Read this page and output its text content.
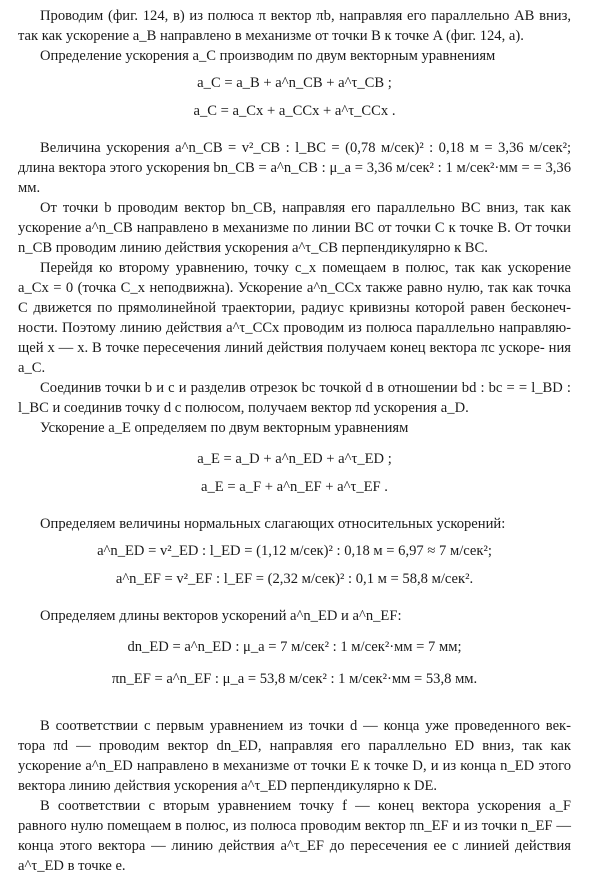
Проводим (фиг. 124, в) из полюса π вектор πb, направляя его параллельно AB вниз, так как ускорение a_B направлено в механизме от точки B к точке A (фиг. 124, а).

Определение ускорения a_C производим по двум векторным уравнениям

a_C = a_B + a^n_CB + a^τ_CB ;

a_C = a_Cx + a_CCx + a^τ_CCx .

Величина ускорения a^n_CB = v²_CB : l_BC = (0,78 м/сек)² : 0,18 м = 3,36 м/сек²; длина вектора этого ускорения bn_CB = a^n_CB : μ_a = 3,36 м/сек² : 1 м/сек²·мм = = 3,36 мм.

От точки b проводим вектор bn_CB, направляя его параллельно BC вниз, так как ускорение a^n_CB направлено в механизме по линии BC от точки C к точке B. От точки n_CB проводим линию действия ускорения a^τ_CB перпендикулярно к BC.

Перейдя ко второму уравнению, точку c_x помещаем в полюс, так как ускорение a_Cx = 0 (точка C_x неподвижна). Ускорение a^n_CCx также равно нулю, так как точка C движется по прямолинейной траектории, радиус кривизны которой равен бесконеч- ности. Поэтому линию действия a^τ_CCx проводим из полюса параллельно направляю- щей x — x. В точке пересечения линий действия получаем конец вектора πc ускоре- ния a_C.

Соединив точки b и c и разделив отрезок bc точкой d в отношении bd : bc = = l_BD : l_BC и соединив точку d с полюсом, получаем вектор πd ускорения a_D.

Ускорение a_E определяем по двум векторным уравнениям

a_E = a_D + a^n_ED + a^τ_ED ;

a_E = a_F + a^n_EF + a^τ_EF .

Определяем величины нормальных слагающих относительных ускорений:

a^n_ED = v²_ED : l_ED = (1,12 м/сек)² : 0,18 м = 6,97 ≈ 7 м/сек²;

a^n_EF = v²_EF : l_EF = (2,32 м/сек)² : 0,1 м = 58,8 м/сек².

Определяем длины векторов ускорений a^n_ED и a^n_EF:

dn_ED = a^n_ED : μ_a = 7 м/сек² : 1 м/сек²·мм = 7 мм;

πn_EF = a^n_EF : μ_a = 53,8 м/сек² : 1 м/сек²·мм = 53,8 мм.

В соответствии с первым уравнением из точки d — конца уже проведенного век- тора πd — проводим вектор dn_ED, направляя его параллельно ED вниз, так как ускорение a^n_ED направлено в механизме от точки E к точке D, и из конца n_ED этого вектора линию действия ускорения a^τ_ED перпендикулярно к DE.

В соответствии с вторым уравнением точку f — конец вектора ускорения a_F равного нулю помещаем в полюс, из полюса проводим вектор πn_EF и из точки n_EF — конца этого вектора — линию действия a^τ_EF до пересечения ее с линией действия a^τ_ED в точке e.
